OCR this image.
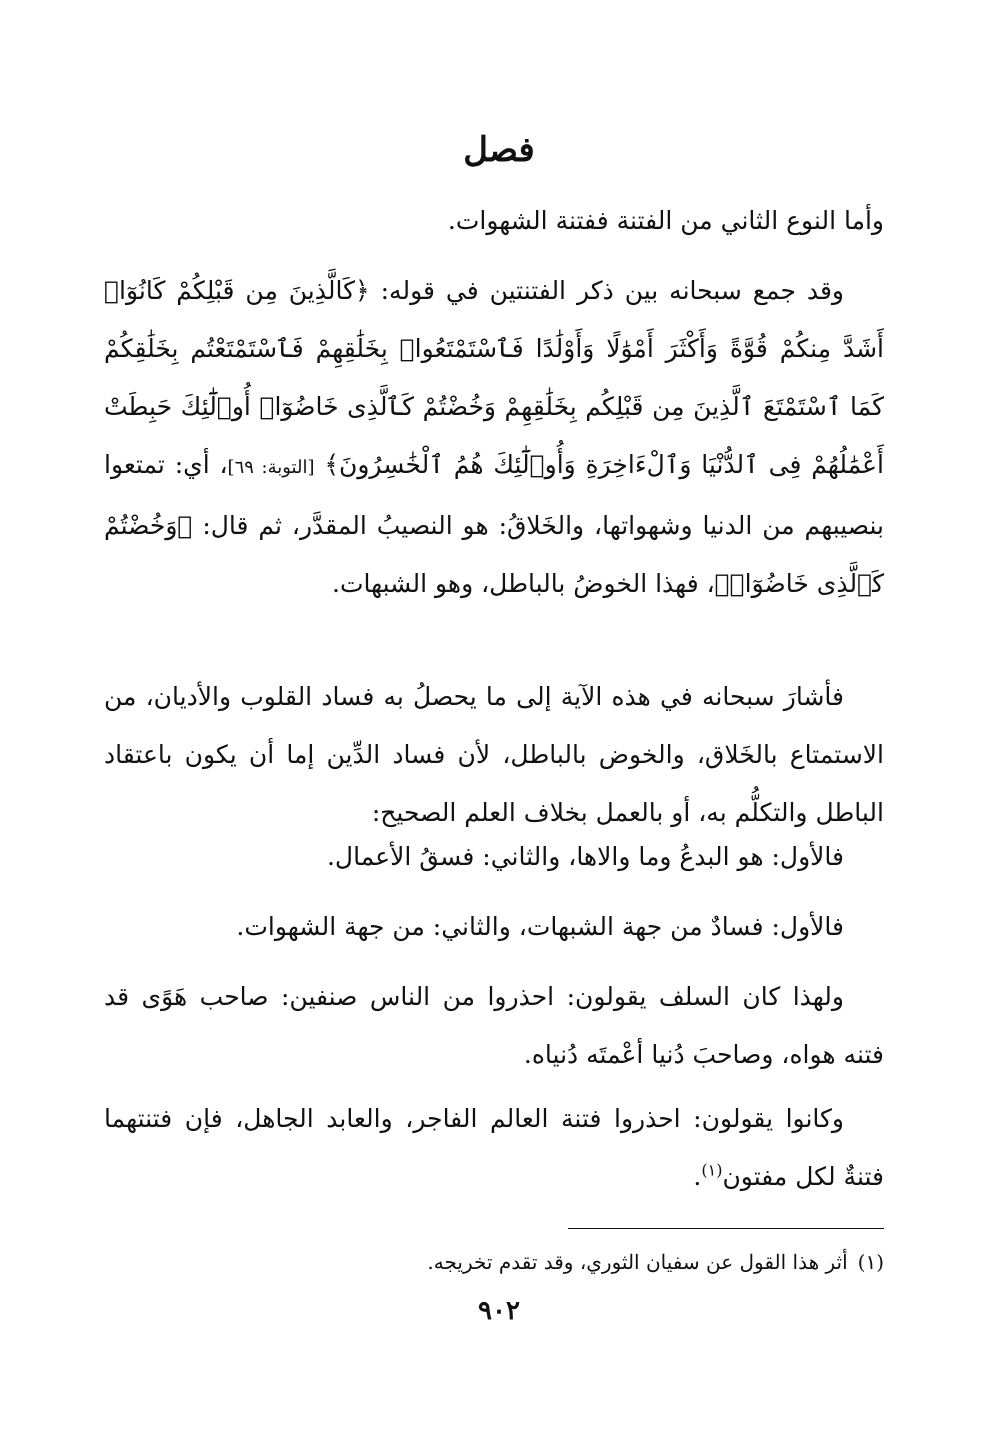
فصل

وأما النوع الثاني من الفتنة ففتنة الشهوات.

وقد جمع سبحانه بين ذكر الفتنتين في قوله: ﴿كَالَّذِينَ مِن قَبْلِكُمْ كَانُوٓا۟ أَشَدَّ مِنكُمْ قُوَّةً وَأَكْثَرَ أَمْوَٰلًا وَأَوْلَٰدًا فَٱسْتَمْتَعُوا۟ بِخَلَٰقِهِمْ فَٱسْتَمْتَعْتُم بِخَلَٰقِكُمْ كَمَا ٱسْتَمْتَعَ ٱلَّذِينَ مِن قَبْلِكُم بِخَلَٰقِهِمْ وَخُضْتُمْ كَٱلَّذِى خَاضُوٓا۟ أُو۟لَٰٓئِكَ حَبِطَتْ أَعْمَٰلُهُمْ فِى ٱلدُّنْيَا وَٱلْءَاخِرَةِ وَأُو۟لَٰٓئِكَ هُمُ ٱلْخَٰسِرُونَ﴾ [التوبة: ٦٩]، أي: تمتعوا بنصيبهم من الدنيا وشهواتها، والخَلاقُ: هو النصيبُ المقدَّر، ثم قال: ﴿وَخُضْتُمْ كَٱلَّذِى خَاضُوٓا۟﴾، فهذا الخوضُ بالباطل، وهو الشبهات.

فأشارَ سبحانه في هذه الآية إلى ما يحصلُ به فساد القلوب والأديان، من الاستمتاع بالخَلاق، والخوض بالباطل، لأن فساد الدِّين إما أن يكون باعتقاد الباطل والتكلُّم به، أو بالعمل بخلاف العلم الصحيح:

فالأول: هو البدعُ وما والاها، والثاني: فسقُ الأعمال.

فالأول: فسادٌ من جهة الشبهات، والثاني: من جهة الشهوات.

ولهذا كان السلف يقولون: احذروا من الناس صنفين: صاحب هَوًى قد فتنه هواه، وصاحبَ دُنيا أعْمتَه دُنياه.

وكانوا يقولون: احذروا فتنة العالم الفاجر، والعابد الجاهل، فإن فتنتهما فتنةٌ لكل مفتون$^{(١)}$.

(١)أثر هذا القول عن سفيان الثوري، وقد تقدم تخريجه.
٩٠٢
